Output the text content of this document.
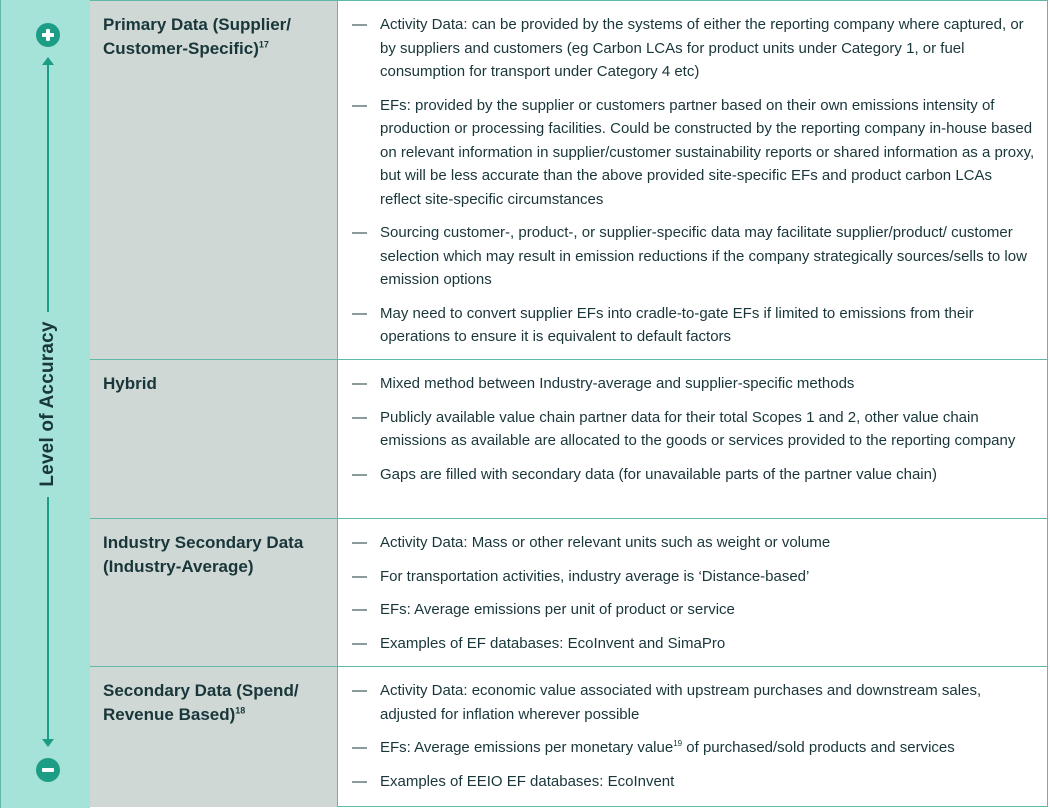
Level of Accuracy
Primary Data (Supplier/ Customer-Specific)$^{17}$
— Activity Data: can be provided by the systems of either the reporting company where captured, or by suppliers and customers (eg Carbon LCAs for product units under Category 1, or fuel consumption for transport under Category 4 etc)
— EFs: provided by the supplier or customers partner based on their own emissions intensity of production or processing facilities. Could be constructed by the reporting company in-house based on relevant information in supplier/customer sustainability reports or shared information as a proxy, but will be less accurate than the above provided site-specific EFs and product carbon LCAs reflect site-specific circumstances
— Sourcing customer-, product-, or supplier-specific data may facilitate supplier/product/ customer selection which may result in emission reductions if the company strategically sources/sells to low emission options
— May need to convert supplier EFs into cradle-to-gate EFs if limited to emissions from their operations to ensure it is equivalent to default factors
Hybrid	— Mixed method between Industry-average and supplier-specific methods
— Publicly available value chain partner data for their total Scopes 1 and 2, other value chain emissions as available are allocated to the goods or services provided to the reporting company
— Gaps are filled with secondary data (for unavailable parts of the partner value chain)
Industry Secondary Data (Industry-Average)
— Activity Data: Mass or other relevant units such as weight or volume
— For transportation activities, industry average is ‘Distance-based’
— EFs: Average emissions per unit of product or service
— Examples of EF databases: EcoInvent and SimaPro
Secondary Data (Spend/ Revenue Based)$^{18}$
— Activity Data: economic value associated with upstream purchases and downstream sales, adjusted for inflation wherever possible
— EFs: Average emissions per monetary value$^{19}$ of purchased/sold products and services
— Examples of EEIO EF databases: EcoInvent
